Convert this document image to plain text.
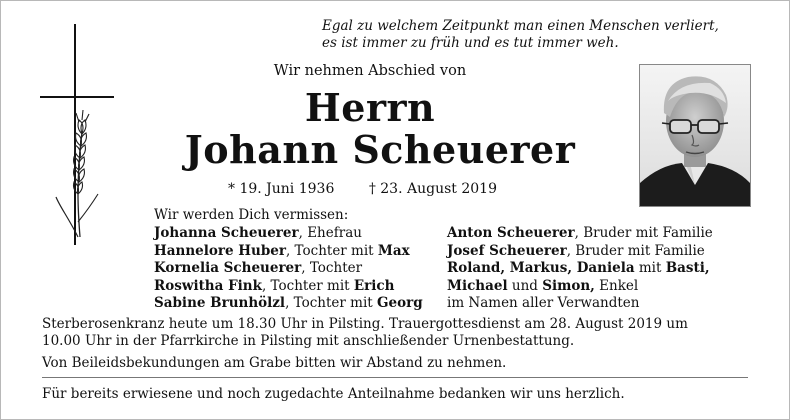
Egal zu welchem Zeitpunkt man einen Menschen verliert,
es ist immer zu früh und es tut immer weh.
Wir nehmen Abschied von
Herrn
Johann Scheuerer
* 19. Juni 1936 † 23. August 2019
Wir werden Dich vermissen:
Johanna Scheuerer, Ehefrau
Hannelore Huber, Tochter mit Max
Kornelia Scheuerer, Tochter
Roswitha Fink, Tochter mit Erich
Sabine Brunhölzl, Tochter mit Georg
Anton Scheuerer, Bruder mit Familie
Josef Scheuerer, Bruder mit Familie
Roland, Markus, Daniela mit Basti,
Michael und Simon, Enkel
im Namen aller Verwandten
Sterberosenkranz heute um 18.30 Uhr in Pilsting. Trauergottesdienst am 28. August 2019 um
10.00 Uhr in der Pfarrkirche in Pilsting mit anschließender Urnenbestattung.
Von Beileidsbekundungen am Grabe bitten wir Abstand zu nehmen.
Für bereits erwiesene und noch zugedachte Anteilnahme bedanken wir uns herzlich.
